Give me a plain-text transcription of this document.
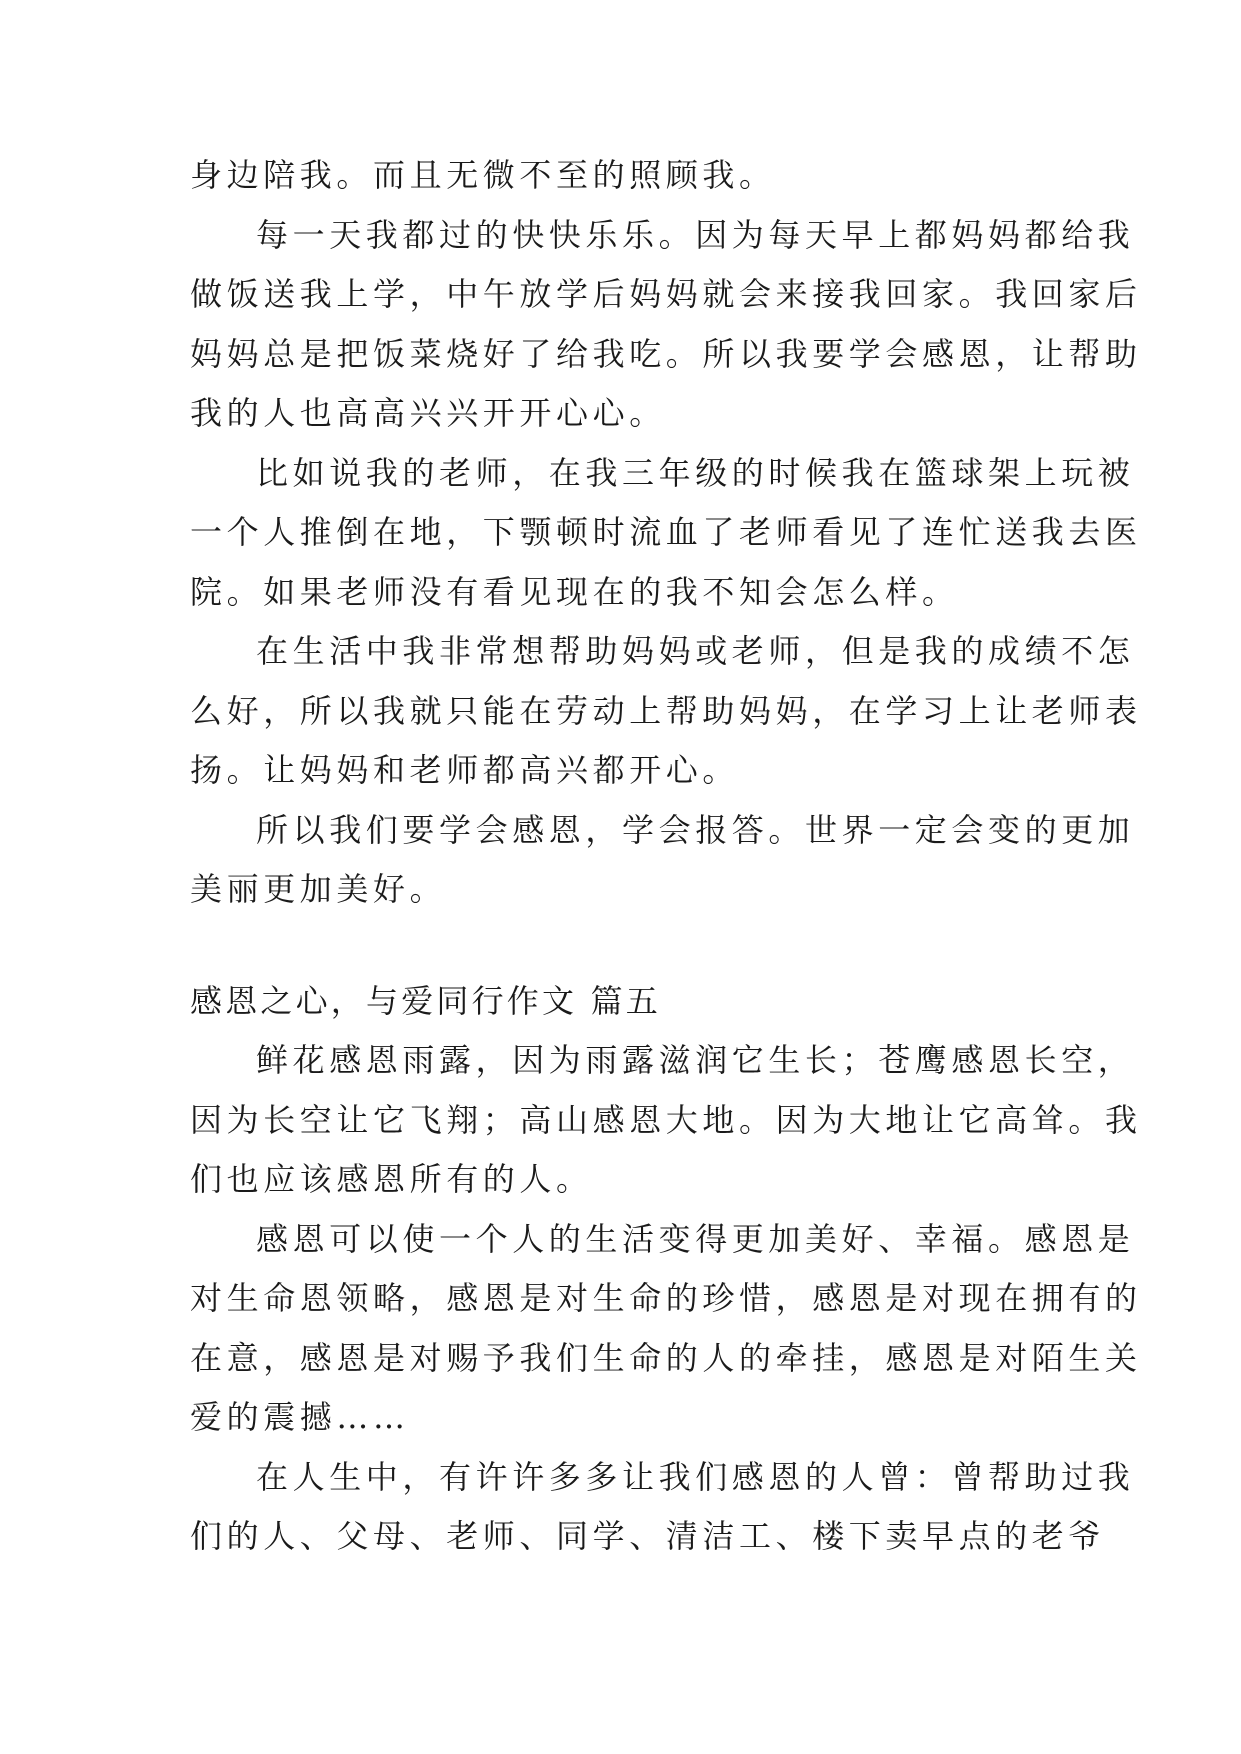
身边陪我。而且无微不至的照顾我。
每一天我都过的快快乐乐。因为每天早上都妈妈都给我
做饭送我上学，中午放学后妈妈就会来接我回家。我回家后
妈妈总是把饭菜烧好了给我吃。所以我要学会感恩，让帮助
我的人也高高兴兴开开心心。
比如说我的老师，在我三年级的时候我在篮球架上玩被
一个人推倒在地，下颚顿时流血了老师看见了连忙送我去医
院。如果老师没有看见现在的我不知会怎么样。
在生活中我非常想帮助妈妈或老师，但是我的成绩不怎
么好，所以我就只能在劳动上帮助妈妈，在学习上让老师表
扬。让妈妈和老师都高兴都开心。
所以我们要学会感恩，学会报答。世界一定会变的更加
美丽更加美好。
感恩之心，与爱同行作文 篇五
鲜花感恩雨露，因为雨露滋润它生长；苍鹰感恩长空，
因为长空让它飞翔；高山感恩大地。因为大地让它高耸。我
们也应该感恩所有的人。
感恩可以使一个人的生活变得更加美好、幸福。感恩是
对生命恩领略，感恩是对生命的珍惜，感恩是对现在拥有的
在意，感恩是对赐予我们生命的人的牵挂，感恩是对陌生关
爱的震撼……
在人生中，有许许多多让我们感恩的人曾：曾帮助过我
们的人、父母、老师、同学、清洁工、楼下卖早点的老爷
